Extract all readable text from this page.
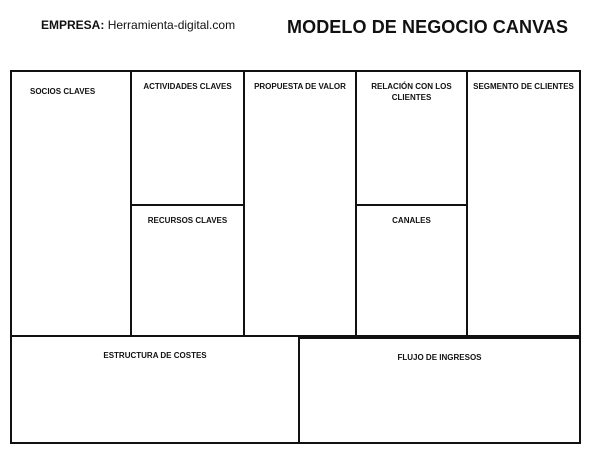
EMPRESA: Herramienta-digital.com	MODELO DE NEGOCIO CANVAS
SOCIOS CLAVES
ACTIVIDADES CLAVES
RECURSOS CLAVES
PROPUESTA DE VALOR	RELACIÓN CON LOS
CLIENTES
CANALES
SEGMENTO DE CLIENTES
ESTRUCTURA DE COSTES	FLUJO DE INGRESOS
